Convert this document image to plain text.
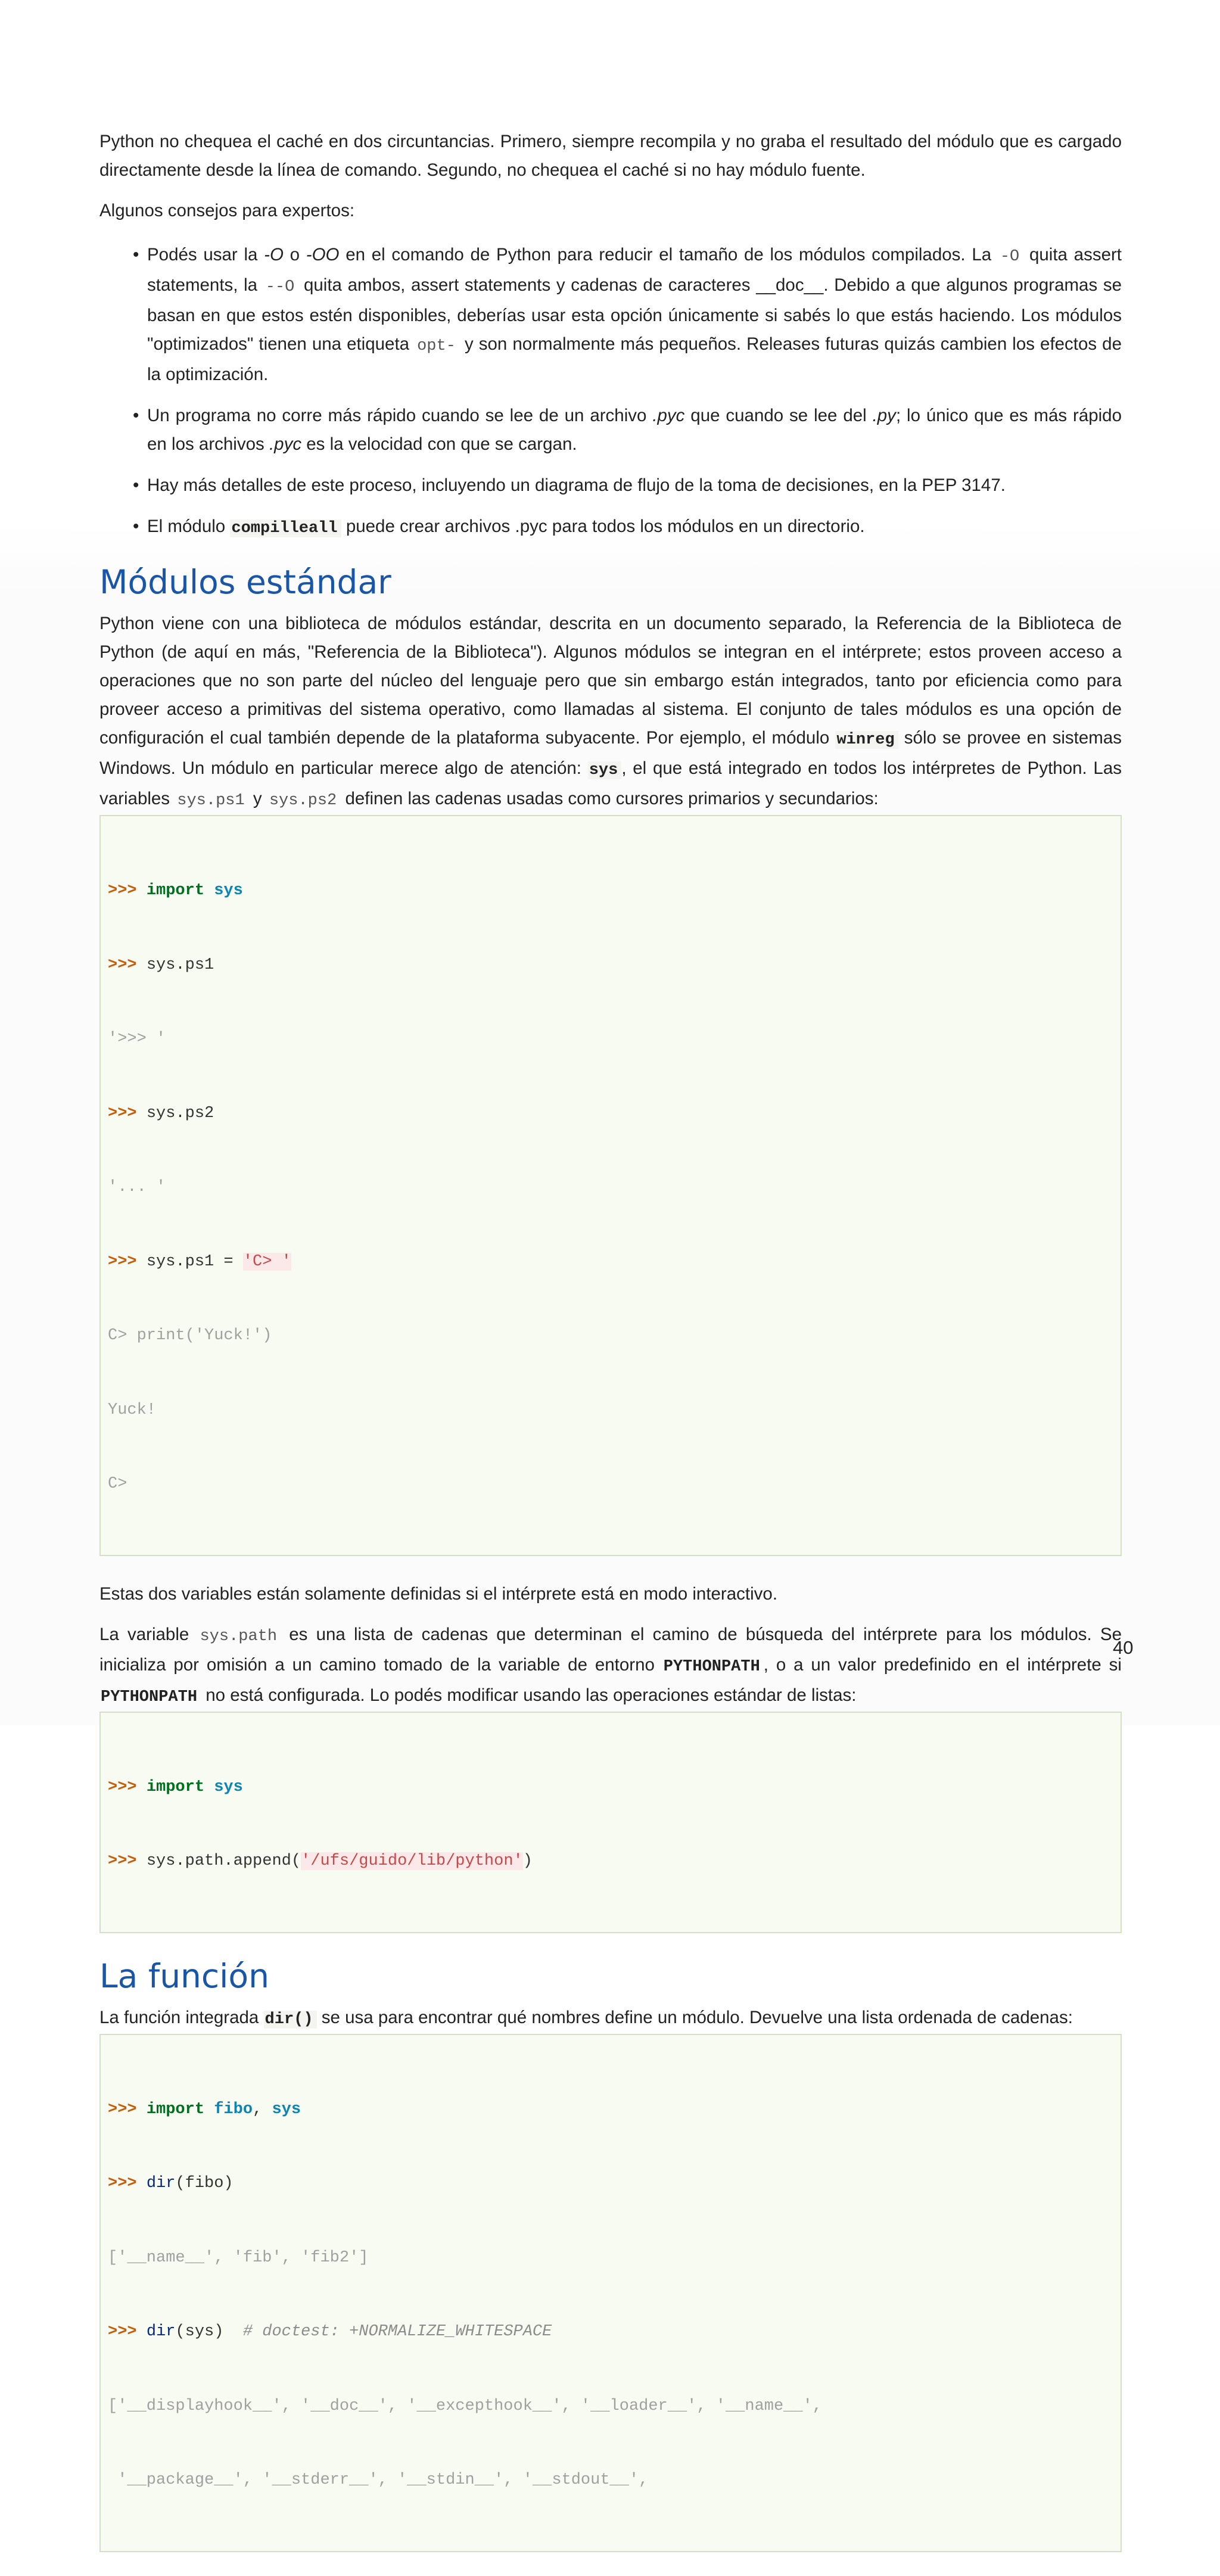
Python no chequea el caché en dos circuntancias. Primero, siempre recompila y no graba el resultado del módulo que es cargado directamente desde la línea de comando. Segundo, no chequea el caché si no hay módulo fuente.

Algunos consejos para expertos:

• Podés usar la -O o -OO en el comando de Python para reducir el tamaño de los módulos compilados. La -O quita assert statements, la --O quita ambos, assert statements y cadenas de caracteres __doc__. Debido a que algunos programas se basan en que estos estén disponibles, deberías usar esta opción únicamente si sabés lo que estás haciendo. Los módulos "optimizados" tienen una etiqueta opt- y son normalmente más pequeños. Releases futuras quizás cambien los efectos de la optimización.
• Un programa no corre más rápido cuando se lee de un archivo .pyc que cuando se lee del .py; lo único que es más rápido en los archivos .pyc es la velocidad con que se cargan.
• Hay más detalles de este proceso, incluyendo un diagrama de flujo de la toma de decisiones, en la PEP 3147.
• El módulo compilleall puede crear archivos .pyc para todos los módulos en un directorio.
Módulos estándar

Python viene con una biblioteca de módulos estándar, descrita en un documento separado, la Referencia de la Biblioteca de Python (de aquí en más, "Referencia de la Biblioteca"). Algunos módulos se integran en el intérprete; estos proveen acceso a operaciones que no son parte del núcleo del lenguaje pero que sin embargo están integrados, tanto por eficiencia como para proveer acceso a primitivas del sistema operativo, como llamadas al sistema. El conjunto de tales módulos es una opción de configuración el cual también depende de la plataforma subyacente. Por ejemplo, el módulo winreg sólo se provee en sistemas Windows. Un módulo en particular merece algo de atención: sys , el que está integrado en todos los intérpretes de Python. Las variables sys.ps1 y sys.ps2 definen las cadenas usadas como cursores primarios y secundarios:

>>> import sys

>>> sys.ps1

'>>> '

>>> sys.ps2

'... '

>>> sys.ps1 = 'C> '

C> print('Yuck!')

Yuck!

C>

Estas dos variables están solamente definidas si el intérprete está en modo interactivo.

La variable sys.path es una lista de cadenas que determinan el camino de búsqueda del intérprete para los módulos. Se inicializa por omisión a un camino tomado de la variable de entorno PYTHONPATH , o a un valor predefinido en el intérprete si PYTHONPATH no está configurada. Lo podés modificar usando las operaciones estándar de listas:

>>> import sys

>>> sys.path.append('/ufs/guido/lib/python')

La función

La función integrada dir() se usa para encontrar qué nombres define un módulo. Devuelve una lista ordenada de cadenas:

>>> import fibo, sys

>>> dir(fibo)

['__name__', 'fib', 'fib2']

>>> dir(sys)  # doctest: +NORMALIZE_WHITESPACE

['__displayhook__', '__doc__', '__excepthook__', '__loader__', '__name__',

'__package__', '__stderr__', '__stdin__', '__stdout__',

40
